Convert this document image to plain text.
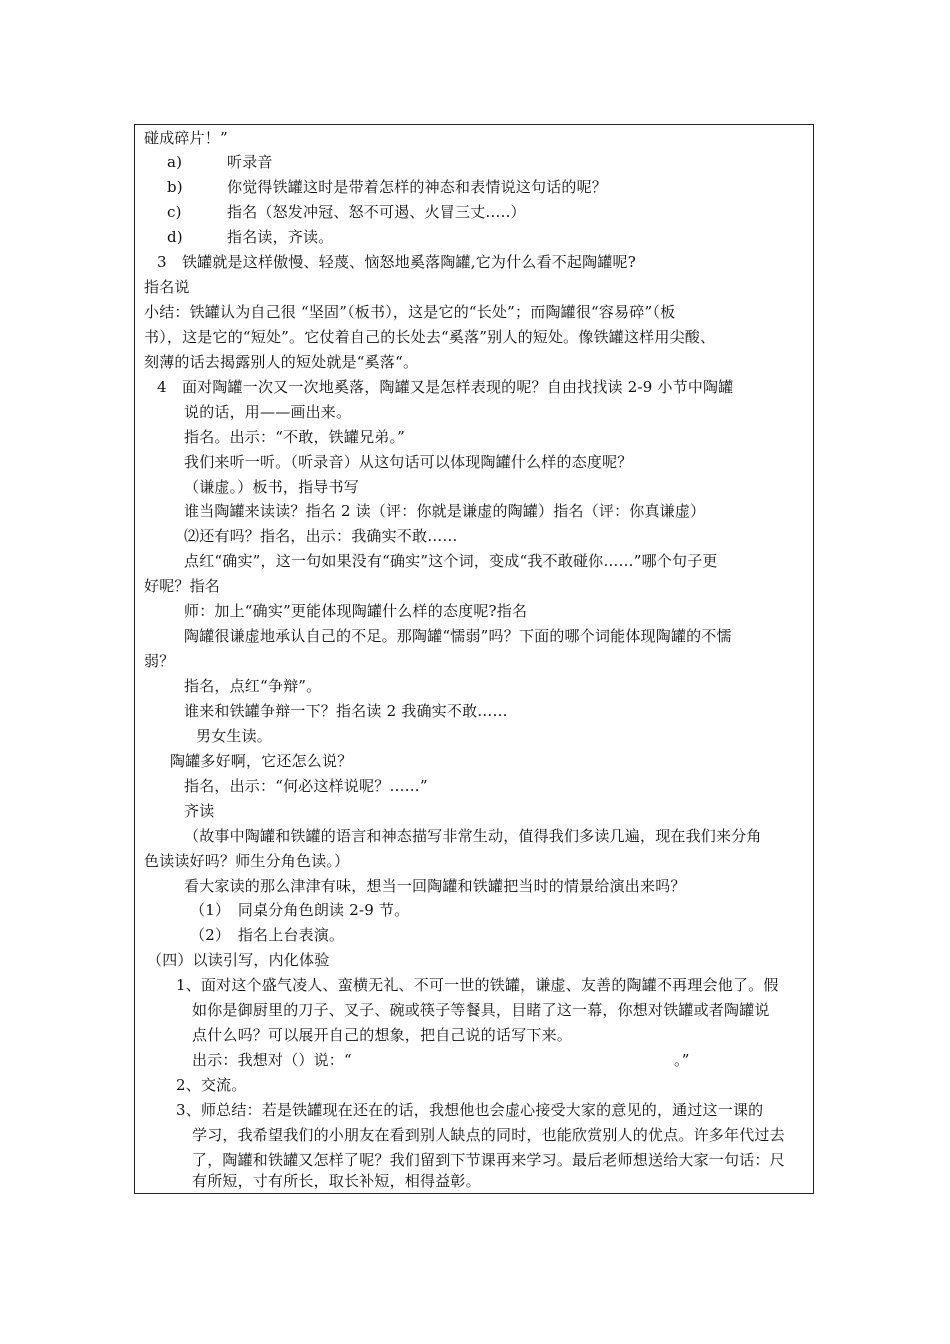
碰成碎片！”
a)	听录音
b)	你觉得铁罐这时是带着怎样的神态和表情说这句话的呢？
c)	指名（怒发冲冠、怒不可遏、火冒三丈…..）
d)	指名读，齐读。
3　铁罐就是这样傲慢、轻蔑、恼怒地奚落陶罐,它为什么看不起陶罐呢?
指名说
小结：铁罐认为自己很 “坚固”（板书），这是它的“长处”；而陶罐很“容易碎”（板
书），这是它的“短处”。它仗着自己的长处去“奚落”别人的短处。像铁罐这样用尖酸、
刻薄的话去揭露别人的短处就是“奚落“。
4　面对陶罐一次又一次地奚落，陶罐又是怎样表现的呢？自由找找读 2-9 小节中陶罐
说的话，用——画出来。
指名。出示：“不敢，铁罐兄弟。”
我们来听一听。（听录音）从这句话可以体现陶罐什么样的态度呢？
（谦虚。）板书，指导书写
谁当陶罐来读读？指名 2 读（评：你就是谦虚的陶罐）指名（评：你真谦虚）
⑵还有吗？指名，出示：我确实不敢……
点红“确实”，这一句如果没有“确实”这个词，变成“我不敢碰你……”哪个句子更
好呢？指名
师：加上“确实”更能体现陶罐什么样的态度呢?指名
陶罐很谦虚地承认自己的不足。那陶罐“懦弱”吗？下面的哪个词能体现陶罐的不懦
弱？
指名，点红“争辩”。
谁来和铁罐争辩一下？指名读 2 我确实不敢……
男女生读。
陶罐多好啊，它还怎么说？
指名，出示：“何必这样说呢？……”
齐读
（故事中陶罐和铁罐的语言和神态描写非常生动，值得我们多读几遍，现在我们来分角
色读读好吗？师生分角色读。）
看大家读的那么津津有味，想当一回陶罐和铁罐把当时的情景给演出来吗？
（1）　同桌分角色朗读 2-9 节。
（2）　指名上台表演。
（四）以读引写，内化体验
1、面对这个盛气凌人、蛮横无礼、不可一世的铁罐，谦虚、友善的陶罐不再理会他了。假
如你是御厨里的刀子、叉子、碗或筷子等餐具，目睹了这一幕，你想对铁罐或者陶罐说
点什么吗？可以展开自己的想象，把自己说的话写下来。
出示：我想对（）说：“	。”
2、交流。
3、师总结：若是铁罐现在还在的话，我想他也会虚心接受大家的意见的，通过这一课的
学习，我希望我们的小朋友在看到别人缺点的同时，也能欣赏别人的优点。许多年代过去
了，陶罐和铁罐又怎样了呢？我们留到下节课再来学习。最后老师想送给大家一句话：尺
有所短，寸有所长，取长补短，相得益彰。
